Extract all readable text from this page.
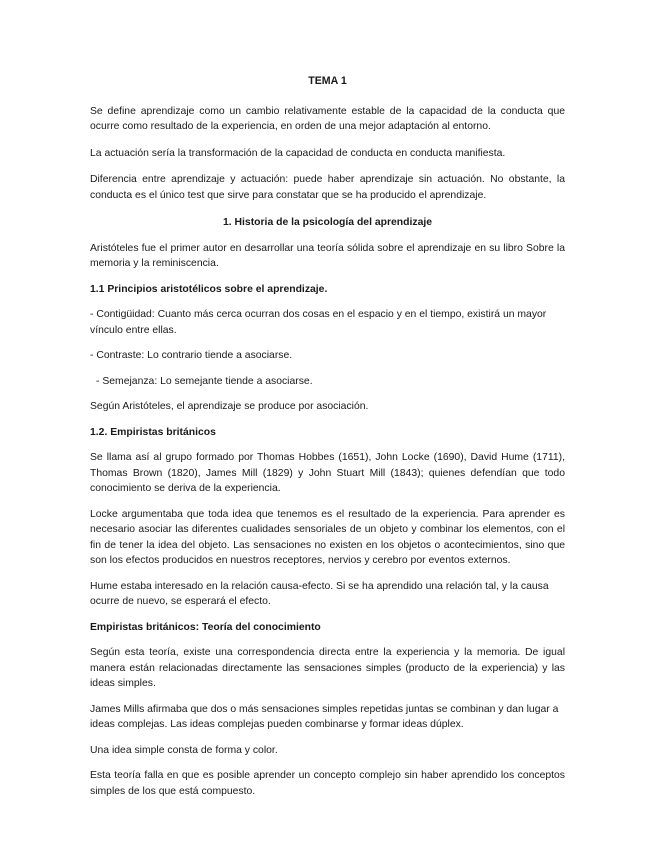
TEMA 1

Se define aprendizaje como un cambio relativamente estable de la capacidad de la conducta que ocurre como resultado de la experiencia, en orden de una mejor adaptación al entorno.

La actuación sería la transformación de la capacidad de conducta en conducta manifiesta.

Diferencia entre aprendizaje y actuación: puede haber aprendizaje sin actuación. No obstante, la conducta es el único test que sirve para constatar que se ha producido el aprendizaje.

1. Historia de la psicología del aprendizaje

Aristóteles fue el primer autor en desarrollar una teoría sólida sobre el aprendizaje en su libro Sobre la memoria y la reminiscencia.

1.1 Principios aristotélicos sobre el aprendizaje.

- Contigüidad: Cuanto más cerca ocurran dos cosas en el espacio y en el tiempo, existirá un mayor vínculo entre ellas.

- Contraste: Lo contrario tiende a asociarse.

- Semejanza: Lo semejante tiende a asociarse.

Según Aristóteles, el aprendizaje se produce por asociación.

1.2. Empiristas británicos

Se llama así al grupo formado por Thomas Hobbes (1651), John Locke (1690), David Hume (1711), Thomas Brown (1820), James Mill (1829) y John Stuart Mill (1843); quienes defendían que todo conocimiento se deriva de la experiencia.

Locke argumentaba que toda idea que tenemos es el resultado de la experiencia. Para aprender es necesario asociar las diferentes cualidades sensoriales de un objeto y combinar los elementos, con el fin de tener la idea del objeto. Las sensaciones no existen en los objetos o acontecimientos, sino que son los efectos producidos en nuestros receptores, nervios y cerebro por eventos externos.

Hume estaba interesado en la relación causa-efecto. Si se ha aprendido una relación tal, y la causa ocurre de nuevo, se esperará el efecto.

Empiristas británicos: Teoría del conocimiento

Según esta teoría, existe una correspondencia directa entre la experiencia y la memoria. De igual manera están relacionadas directamente las sensaciones simples (producto de la experiencia) y las ideas simples.

James Mills afirmaba que dos o más sensaciones simples repetidas juntas se combinan y dan lugar a ideas complejas. Las ideas complejas pueden combinarse y formar ideas dúplex.

Una idea simple consta de forma y color.

Esta teoría falla en que es posible aprender un concepto complejo sin haber aprendido los conceptos simples de los que está compuesto.
